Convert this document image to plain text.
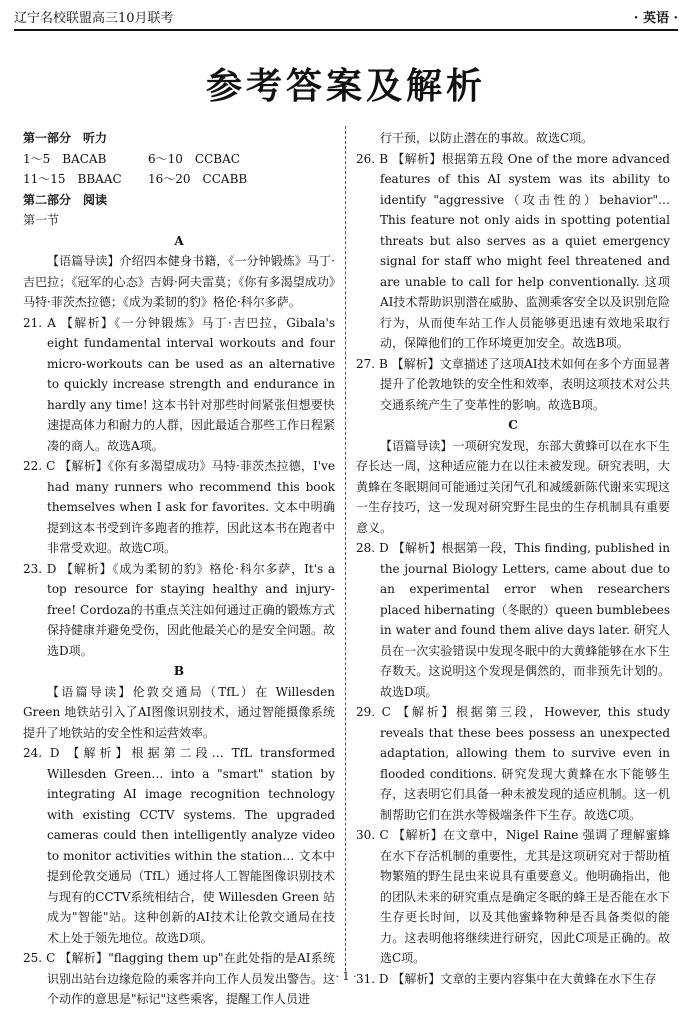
辽宁名校联盟高三10月联考	· 英语 ·
参考答案及解析

第一部分　听力

1～5　BACAB	6～10　CCBAC
11～15　BBAAC	16～20　CCABB

第二部分　阅读

第一节

A

【语篇导读】介绍四本健身书籍，《一分钟锻炼》马丁·吉巴拉；《冠军的心态》吉姆·阿夫雷莫；《你有多渴望成功》马特·菲茨杰拉德；《成为柔韧的豹》格伦·科尔多萨。

21. A 【解析】《一分钟锻炼》马丁·吉巴拉，Gibala's eight fundamental interval workouts and four micro-workouts can be used as an alternative to quickly increase strength and endurance in hardly any time! 这本书针对那些时间紧张但想要快速提高体力和耐力的人群，因此最适合那些工作日程紧凑的商人。故选A项。

22. C 【解析】《你有多渴望成功》马特·菲茨杰拉德，I've had many runners who recommend this book themselves when I ask for favorites. 文本中明确提到这本书受到许多跑者的推荐，因此这本书在跑者中非常受欢迎。故选C项。

23. D 【解析】《成为柔韧的豹》格伦·科尔多萨，It's a top resource for staying healthy and injury-free! Cordoza的书重点关注如何通过正确的锻炼方式保持健康并避免受伤，因此他最关心的是安全问题。故选D项。

B

【语篇导读】伦敦交通局（TfL）在 Willesden Green 地铁站引入了AI图像识别技术，通过智能摄像系统提升了地铁站的安全性和运营效率。

24. D 【解析】根据第二段… TfL transformed Willesden Green… into a "smart" station by integrating AI image recognition technology with existing CCTV systems. The upgraded cameras could then intelligently analyze video to monitor activities within the station… 文本中提到伦敦交通局（TfL）通过将人工智能图像识别技术与现有的CCTV系统相结合，使 Willesden Green 站成为"智能"站。这种创新的AI技术让伦敦交通局在技术上处于领先地位。故选D项。

25. C 【解析】"flagging them up"在此处指的是AI系统识别出站台边缘危险的乘客并向工作人员发出警告。这个动作的意思是"标记"这些乘客，提醒工作人员进

行干预，以防止潜在的事故。故选C项。

26. B 【解析】根据第五段 One of the more advanced features of this AI system was its ability to identify "aggressive（攻击性的）behavior"… This feature not only aids in spotting potential threats but also serves as a quiet emergency signal for staff who might feel threatened and are unable to call for help conventionally. 这项AI技术帮助识别潜在威胁、监测乘客安全以及识别危险行为，从而使车站工作人员能够更迅速有效地采取行动，保障他们的工作环境更加安全。故选B项。

27. B 【解析】文章描述了这项AI技术如何在多个方面显著提升了伦敦地铁的安全性和效率，表明这项技术对公共交通系统产生了变革性的影响。故选B项。

C

【语篇导读】一项研究发现，东部大黄蜂可以在水下生存长达一周，这种适应能力在以往未被发现。研究表明，大黄蜂在冬眠期间可能通过关闭气孔和减缓新陈代谢来实现这一生存技巧，这一发现对研究野生昆虫的生存机制具有重要意义。

28. D 【解析】根据第一段，This finding, published in the journal Biology Letters, came about due to an experimental error when researchers placed hibernating（冬眠的）queen bumblebees in water and found them alive days later. 研究人员在一次实验错误中发现冬眠中的大黄蜂能够在水下生存数天。这说明这个发现是偶然的，而非预先计划的。故选D项。

29. C 【解析】根据第三段，However, this study reveals that these bees possess an unexpected adaptation, allowing them to survive even in flooded conditions. 研究发现大黄蜂在水下能够生存，这表明它们具备一种未被发现的适应机制。这一机制帮助它们在洪水等极端条件下生存。故选C项。

30. C 【解析】在文章中，Nigel Raine 强调了理解蜜蜂在水下存活机制的重要性，尤其是这项研究对于帮助植物繁殖的野生昆虫来说具有重要意义。他明确指出，他的团队未来的研究重点是确定冬眠的蜂王是否能在水下生存更长时间，以及其他蜜蜂物种是否具备类似的能力。这表明他将继续进行研究，因此C项是正确的。故选C项。

31. D 【解析】文章的主要内容集中在大黄蜂在水下生存

· 1 ·
